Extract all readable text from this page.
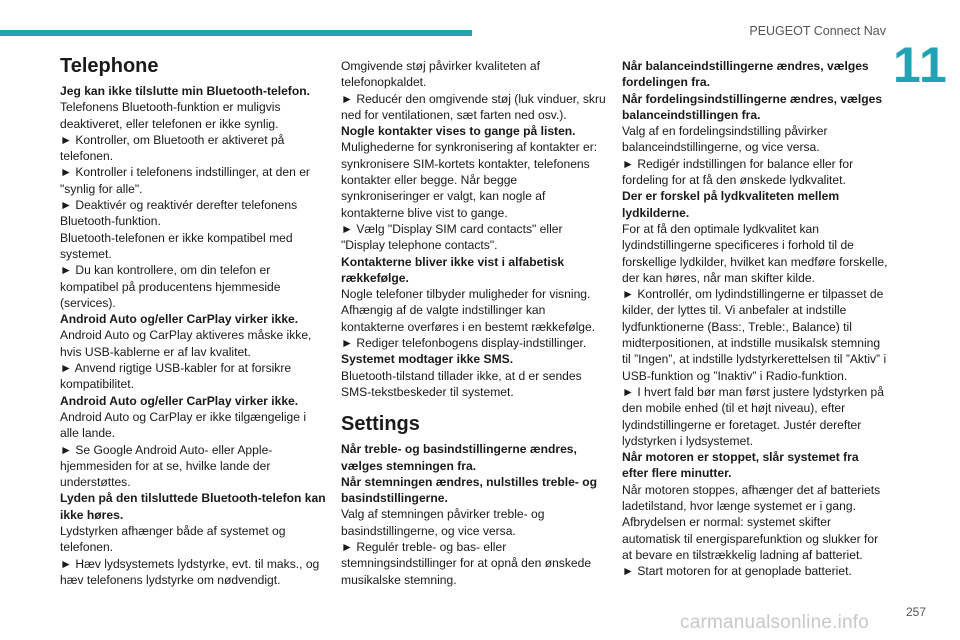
PEUGEOT Connect Nav
11
Telephone

Jeg kan ikke tilslutte min Bluetooth-telefon.

Telefonens Bluetooth-funktion er muligvis deaktiveret, eller telefonen er ikke synlig.

► Kontroller, om Bluetooth er aktiveret på telefonen.

► Kontroller i telefonens indstillinger, at den er "synlig for alle".

► Deaktivér og reaktivér derefter telefonens Bluetooth-funktion.

Bluetooth-telefonen er ikke kompatibel med systemet.

► Du kan kontrollere, om din telefon er kompatibel på producentens hjemmeside (services).

Android Auto og/eller CarPlay virker ikke.

Android Auto og CarPlay aktiveres måske ikke, hvis USB-kablerne er af lav kvalitet.

► Anvend rigtige USB-kabler for at forsikre kompatibilitet.

Android Auto og/eller CarPlay virker ikke.

Android Auto og CarPlay er ikke tilgængelige i alle lande.

► Se Google Android Auto- eller Apple-hjemmesiden for at se, hvilke lande der understøttes.

Lyden på den tilsluttede Bluetooth-telefon kan ikke høres.

Lydstyrken afhænger både af systemet og telefonen.

► Hæv lydsystemets lydstyrke, evt. til maks., og hæv telefonens lydstyrke om nødvendigt.

Omgivende støj påvirker kvaliteten af telefonopkaldet.

► Reducér den omgivende støj (luk vinduer, skru ned for ventilationen, sæt farten ned osv.).

Nogle kontakter vises to gange på listen.

Mulighederne for synkronisering af kontakter er: synkronisere SIM-kortets kontakter, telefonens kontakter eller begge. Når begge synkroniseringer er valgt, kan nogle af kontakterne blive vist to gange.

► Vælg "Display SIM card contacts" eller "Display telephone contacts".

Kontakterne bliver ikke vist i alfabetisk rækkefølge.

Nogle telefoner tilbyder muligheder for visning. Afhængig af de valgte indstillinger kan kontakterne overføres i en bestemt rækkefølge.

► Rediger telefonbogens display-indstillinger.

Systemet modtager ikke SMS.

Bluetooth-tilstand tillader ikke, at d er sendes SMS-tekstbeskeder til systemet.

Settings

Når treble- og basindstillingerne ændres, vælges stemningen fra.

Når stemningen ændres, nulstilles treble- og basindstillingerne.

Valg af stemningen påvirker treble- og basindstillingerne, og vice versa.

► Regulér treble- og bas- eller stemningsindstillinger for at opnå den ønskede musikalske stemning.

Når balanceindstillingerne ændres, vælges fordelingen fra.

Når fordelingsindstillingerne ændres, vælges balanceindstillingen fra.

Valg af en fordelingsindstilling påvirker balanceindstillingerne, og vice versa.

► Redigér indstillingen for balance eller for fordeling for at få den ønskede lydkvalitet.

Der er forskel på lydkvaliteten mellem lydkilderne.

For at få den optimale lydkvalitet kan lydindstillingerne specificeres i forhold til de forskellige lydkilder, hvilket kan medføre forskelle, der kan høres, når man skifter kilde.

► Kontrollér, om lydindstillingerne er tilpasset de kilder, der lyttes til. Vi anbefaler at indstille lydfunktionerne (Bass:, Treble:, Balance) til midterpositionen, at indstille musikalsk stemning til ”Ingen”, at indstille lydstyrkerettelsen til ”Aktiv” i USB-funktion og ”Inaktiv” i Radio-funktion.

► I hvert fald bør man først justere lydstyrken på den mobile enhed (til et højt niveau), efter lydindstillingerne er foretaget. Justér derefter lydstyrken i lydsystemet.

Når motoren er stoppet, slår systemet fra efter flere minutter.

Når motoren stoppes, afhænger det af batteriets ladetilstand, hvor længe systemet er i gang.

Afbrydelsen er normal: systemet skifter automatisk til energisparefunktion og slukker for at bevare en tilstrækkelig ladning af batteriet.

► Start motoren for at genoplade batteriet.

257
carmanualsonline.info
